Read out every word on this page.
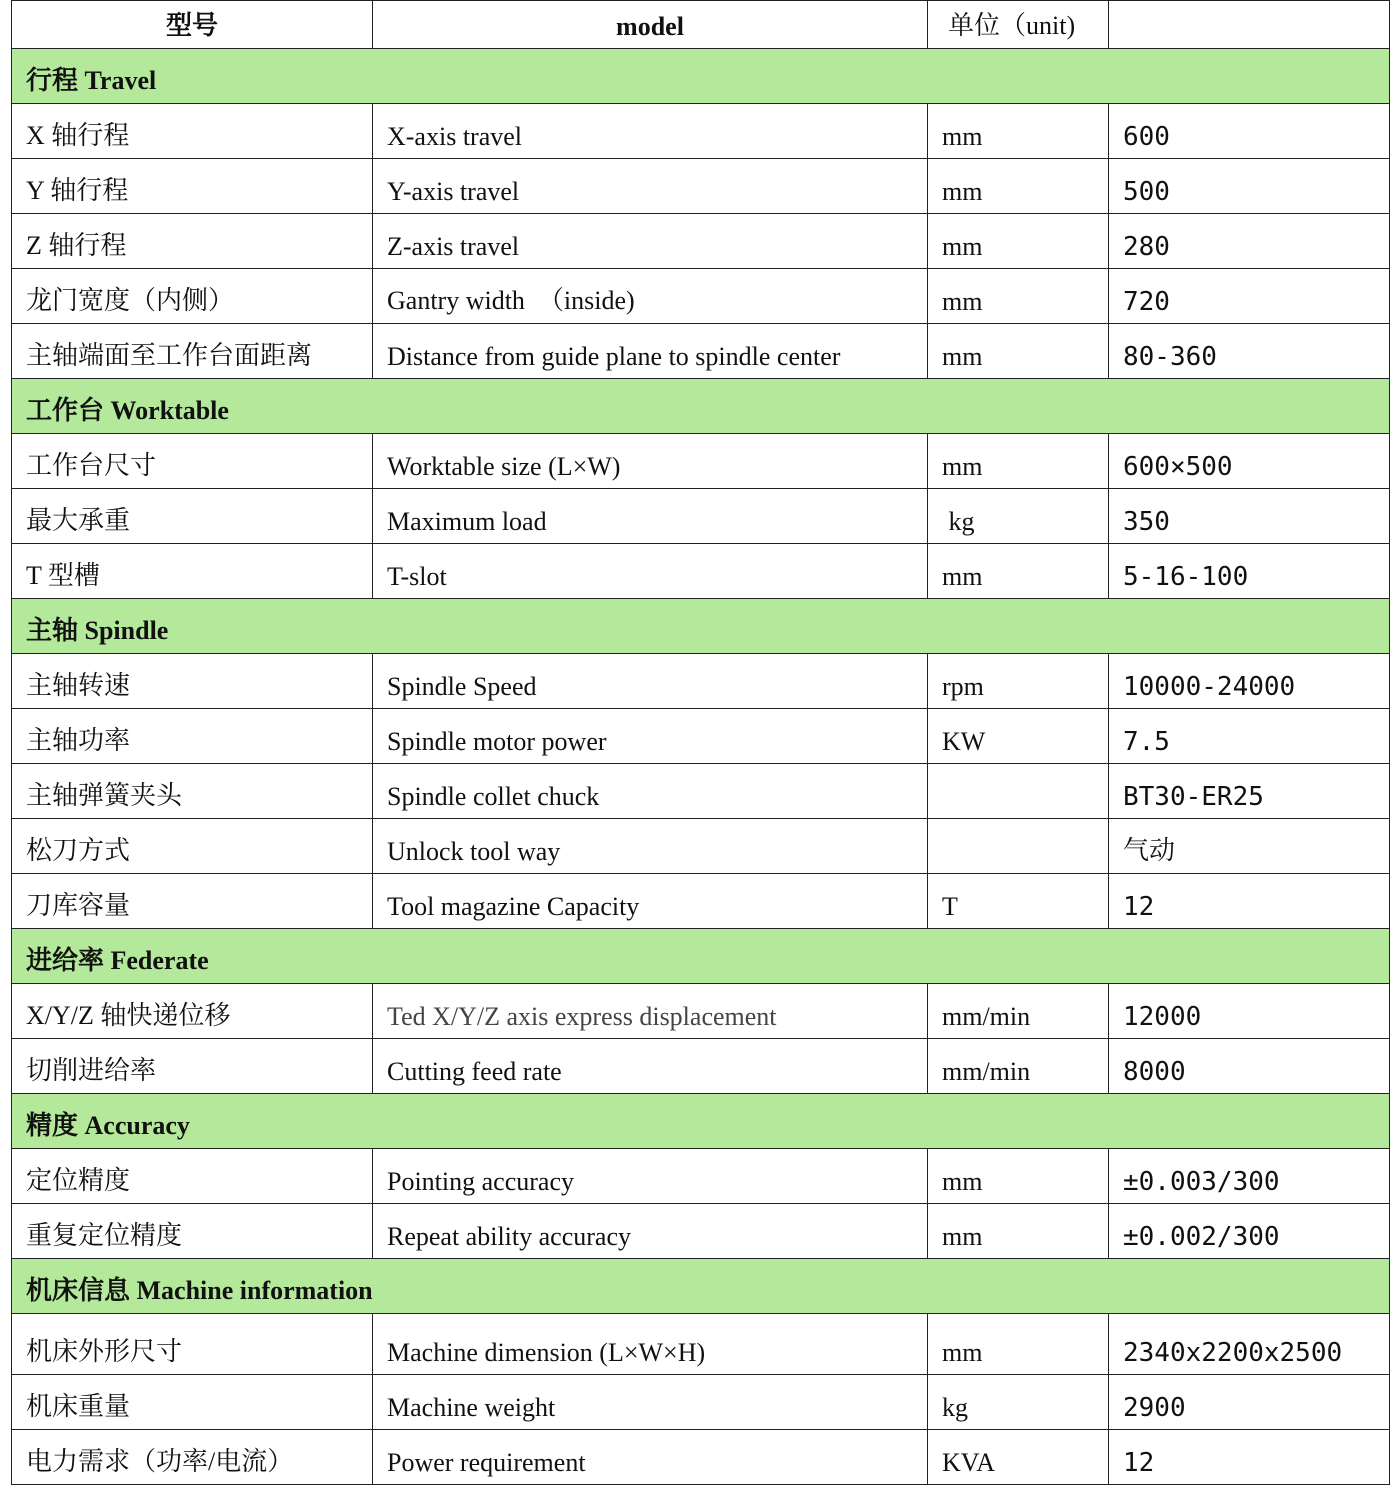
型号	model	单位（unit)	
行程 Travel			
X 轴行程	X-axis travel	mm	600
Y 轴行程	Y-axis travel	mm	500
Z 轴行程	Z-axis travel	mm	280
龙门宽度（内侧）	Gantry width　（inside)	mm	720
主轴端面至工作台面距离	Distance from guide plane to spindle center	mm	80-360
工作台 Worktable			
工作台尺寸	Worktable size (L×W)	mm	600×500
最大承重	Maximum load	kg	350
T 型槽	T-slot	mm	5-16-100
主轴 Spindle			
主轴转速	Spindle Speed	rpm	10000-24000
主轴功率	Spindle motor power	KW	7.5
主轴弹簧夹头	Spindle collet chuck		BT30-ER25
松刀方式	Unlock tool way		气动
刀库容量	Tool magazine Capacity	T	12
进给率 Federate			
X/Y/Z 轴快递位移	Ted X/Y/Z axis express displacement	mm/min	12000
切削进给率	Cutting feed rate	mm/min	8000
精度 Accuracy			
定位精度	Pointing accuracy	mm	±0.003/300
重复定位精度	Repeat ability accuracy	mm	±0.002/300
机床信息 Machine information			
机床外形尺寸	Machine dimension (L×W×H)	mm	2340x2200x2500
机床重量	Machine weight	kg	2900
电力需求（功率/电流）	Power requirement	KVA	12
